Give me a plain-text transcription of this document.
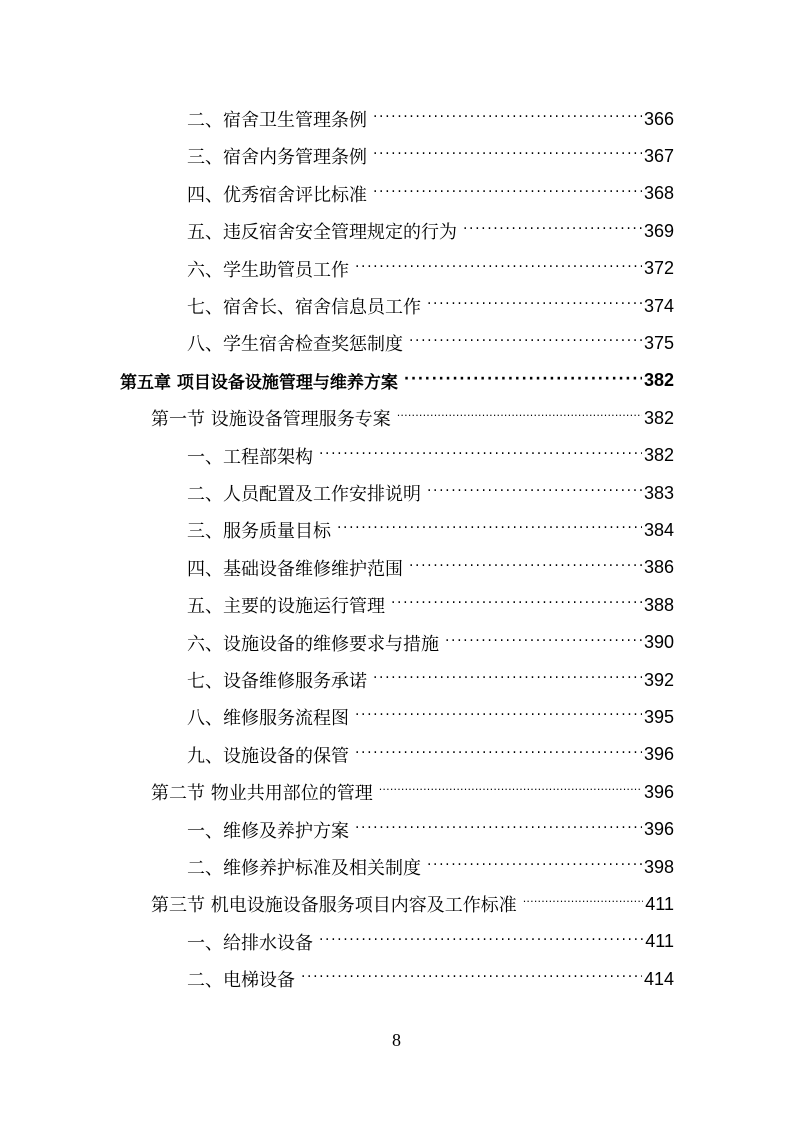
二、宿舍卫生管理条例 ·····	366
三、宿舍内务管理条例 ·····	367
四、优秀宿舍评比标准 ·····	368
五、违反宿舍安全管理规定的行为 ·····	369
六、学生助管员工作 ·····	372
七、宿舍长、宿舍信息员工作 ·····	374
八、学生宿舍检查奖惩制度 ·····	375
第五章 项目设备设施管理与维养方案 ·····	382
第一节 设施设备管理服务专案 ·····	382
一、工程部架构 ·····	382
二、人员配置及工作安排说明 ·····	383
三、服务质量目标 ·····	384
四、基础设备维修维护范围 ·····	386
五、主要的设施运行管理 ·····	388
六、设施设备的维修要求与措施 ·····	390
七、设备维修服务承诺 ·····	392
八、维修服务流程图 ·····	395
九、设施设备的保管 ·····	396
第二节 物业共用部位的管理 ·····	396
一、维修及养护方案 ·····	396
二、维修养护标准及相关制度 ·····	398
第三节 机电设施设备服务项目内容及工作标准 ·····	411
一、给排水设备 ·····	411
二、电梯设备 ·····	414
8
